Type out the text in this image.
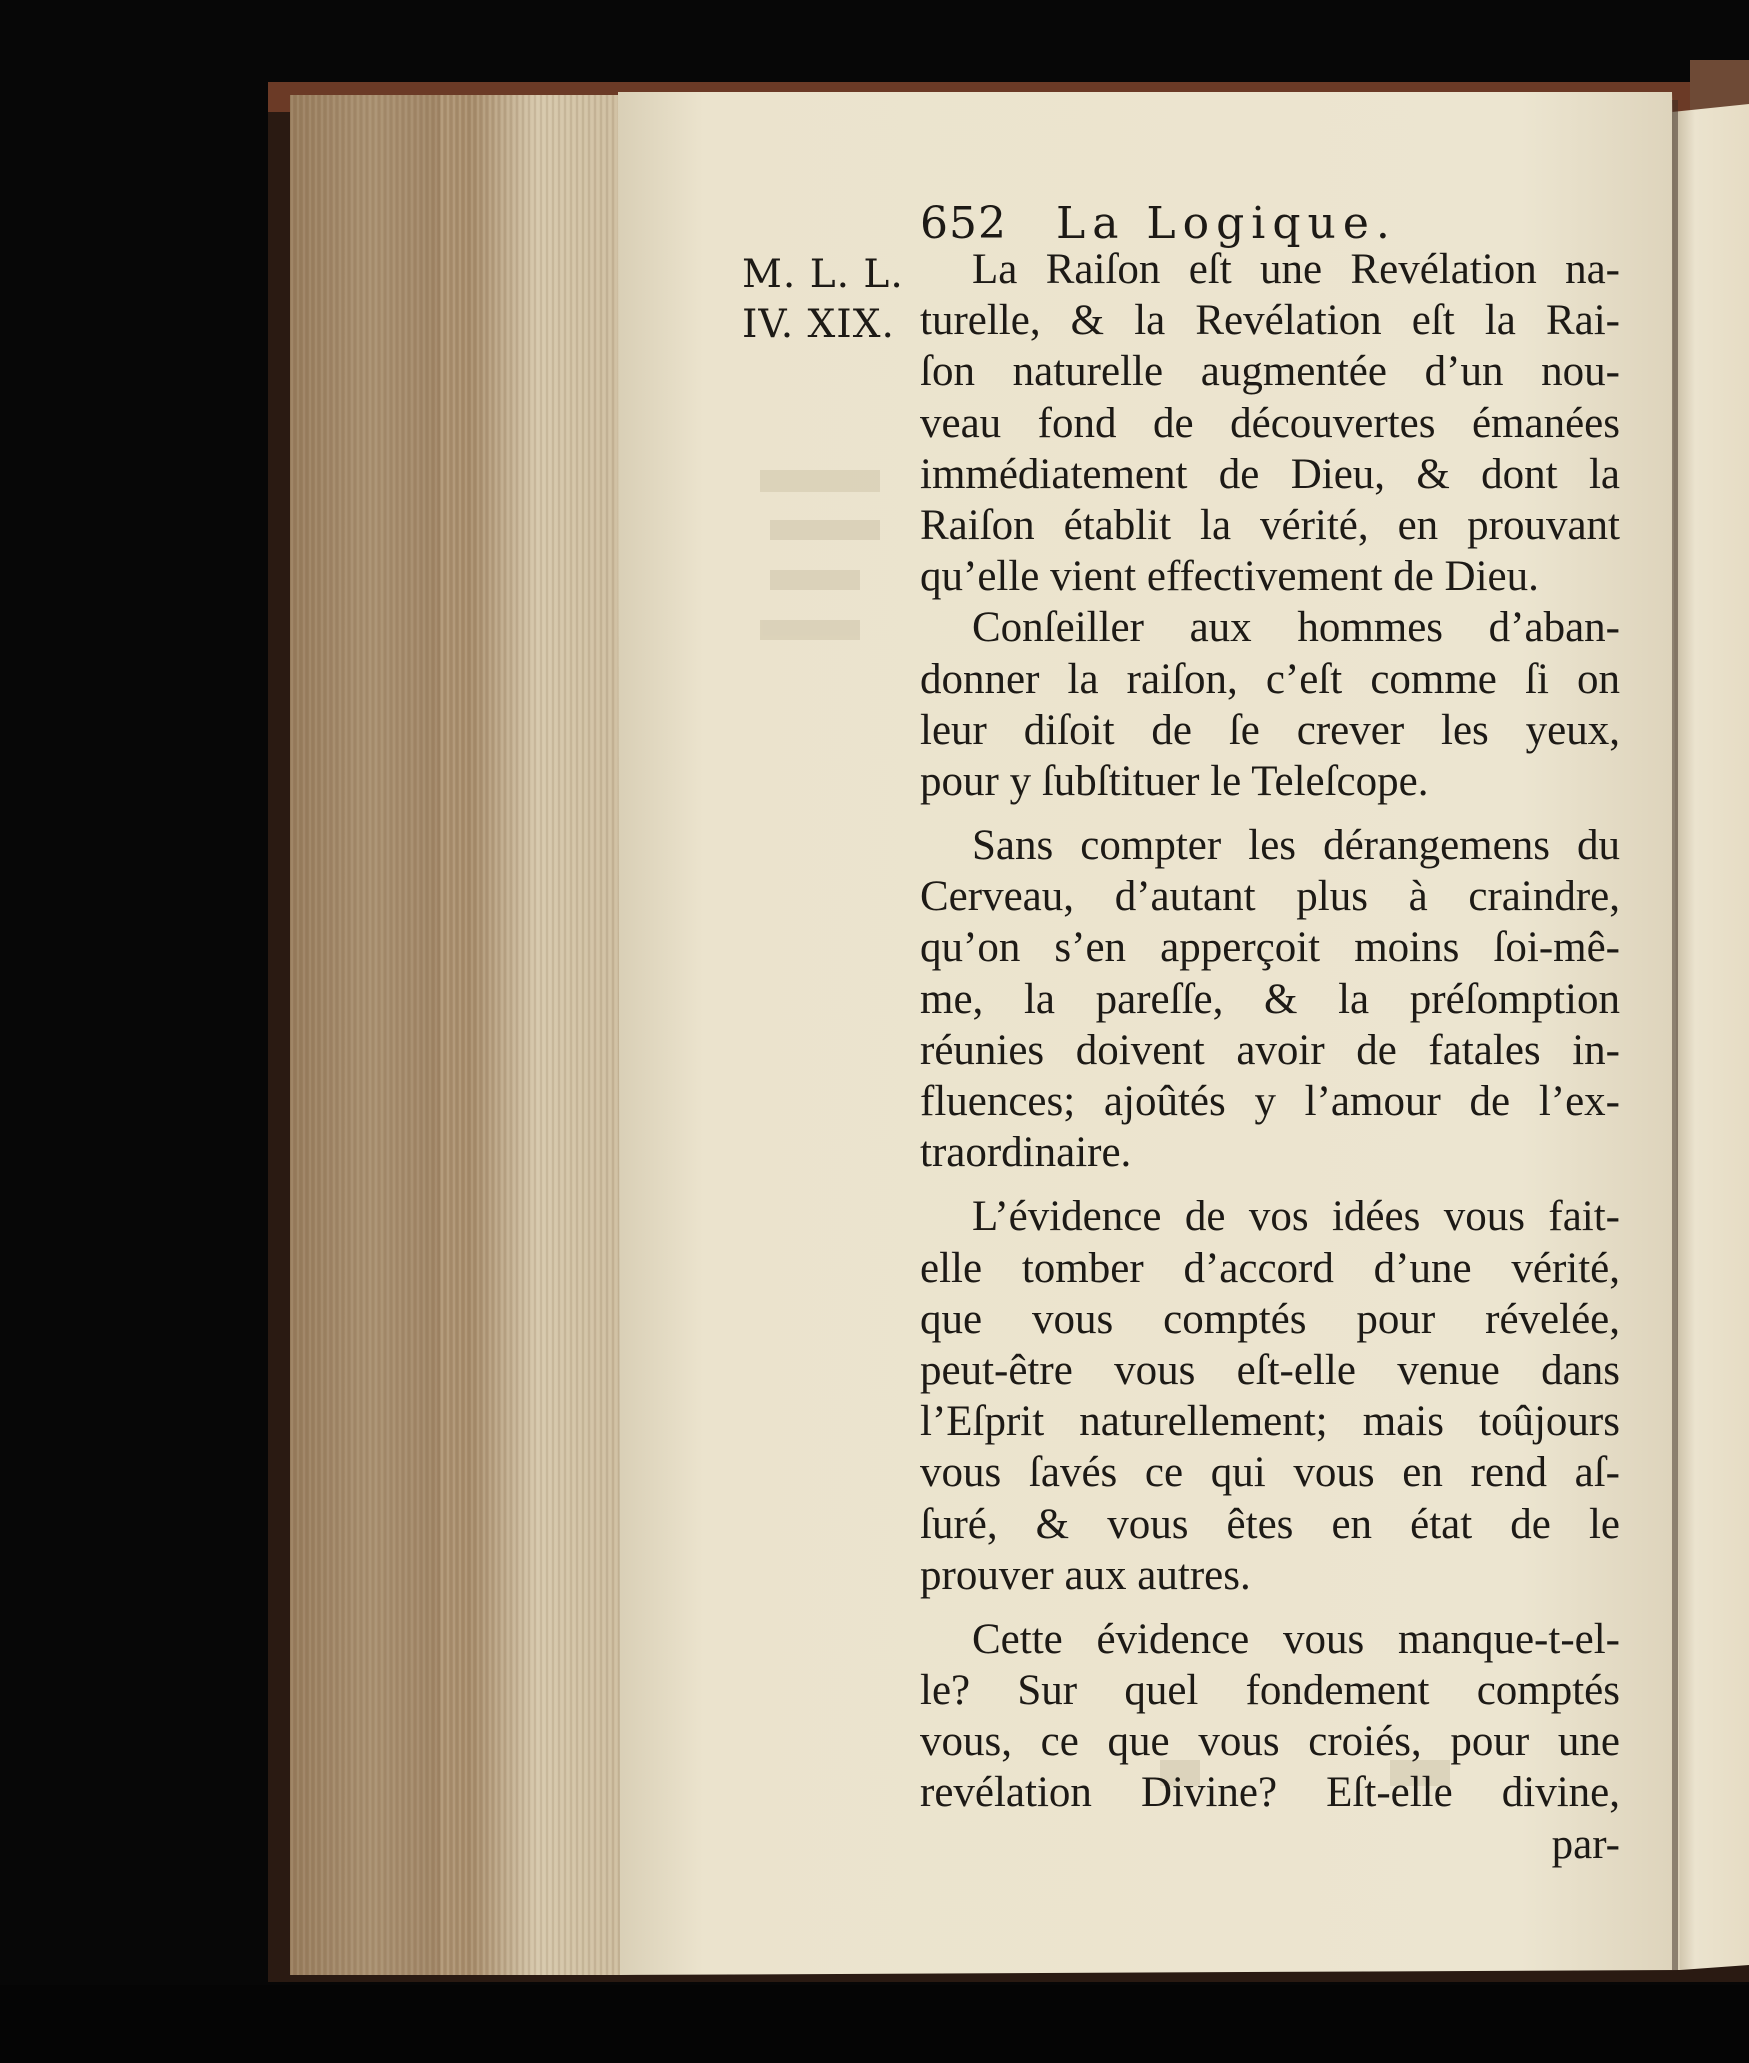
652 La Logique.
M. L. L.
IV. XIX.
La Raiſon eſt une Revélation na-
turelle, & la Revélation eſt la Rai-
ſon naturelle augmentée d’un nou-
veau fond de découvertes émanées
immédiatement de Dieu, & dont la
Raiſon établit la vérité, en prouvant
qu’elle vient effectivement de Dieu.
Conſeiller aux hommes d’aban-
donner la raiſon, c’eſt comme ſi on
leur diſoit de ſe crever les yeux,
pour y ſubſtituer le Teleſcope.
Sans compter les dérangemens du
Cerveau, d’autant plus à craindre,
qu’on s’en apperçoit moins ſoi-mê-
me, la pareſſe, & la préſomption
réunies doivent avoir de fatales in-
fluences; ajoûtés y l’amour de l’ex-
traordinaire.
L’évidence de vos idées vous fait-
elle tomber d’accord d’une vérité,
que vous comptés pour révelée,
peut-être vous eſt-elle venue dans
l’Eſprit naturellement; mais toûjours
vous ſavés ce qui vous en rend aſ-
ſuré, & vous êtes en état de le
prouver aux autres.
Cette évidence vous manque-t-el-
le? Sur quel fondement comptés
vous, ce que vous croiés, pour une
revélation Divine? Eſt-elle divine,
par-
